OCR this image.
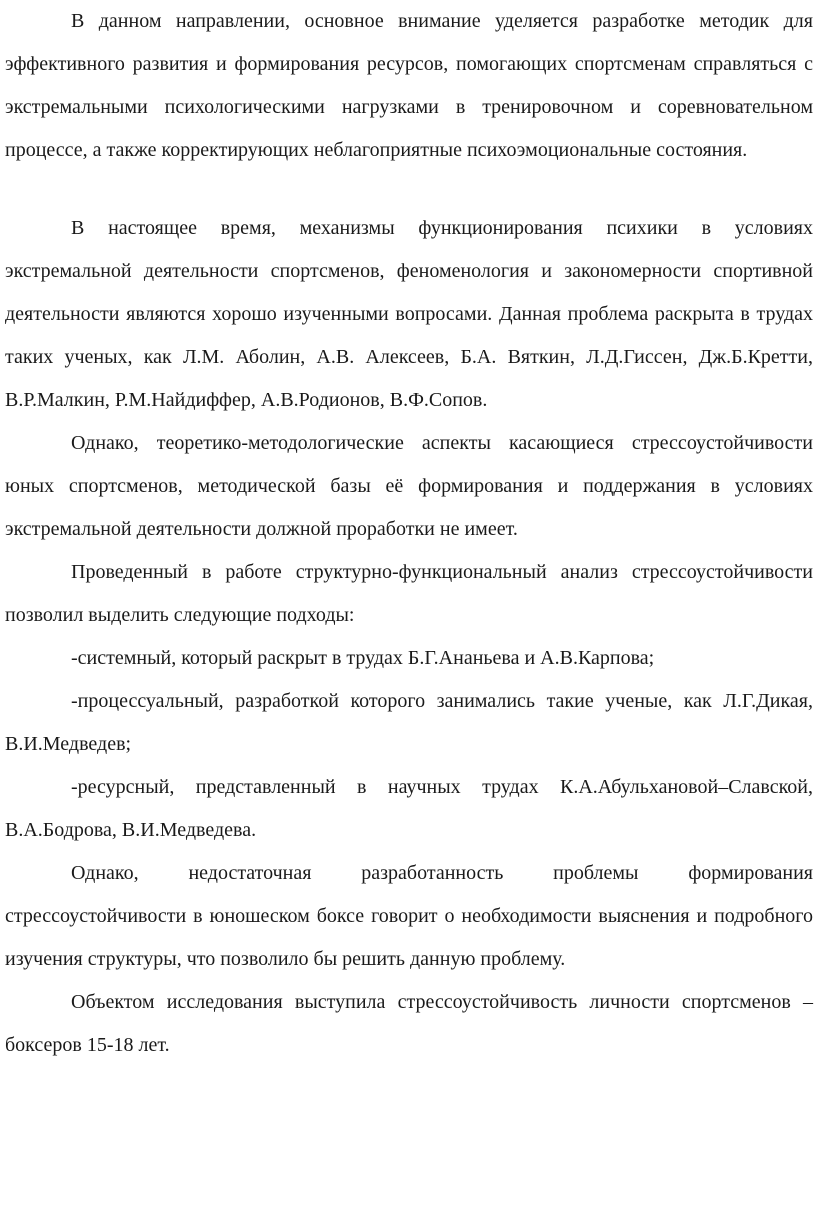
В данном направлении, основное внимание уделяется разработке методик для эффективного развития и формирования ресурсов, помогающих спортсменам справляться с экстремальными психологическими нагрузками в тренировочном и соревновательном процессе, а также корректирующих неблагоприятные психоэмоциональные состояния.

В настоящее время, механизмы функционирования психики в условиях экстремальной деятельности спортсменов, феноменология и закономерности спортивной деятельности являются хорошо изученными вопросами. Данная проблема раскрыта в трудах таких ученых, как Л.М. Аболин, А.В. Алексеев, Б.А. Вяткин, Л.Д.Гиссен, Дж.Б.Кретти, В.Р.Малкин, Р.М.Найдиффер, А.В.Родионов, В.Ф.Сопов.

Однако, теоретико-методологические аспекты касающиеся стрессоустойчивости юных спортсменов, методической базы её формирования и поддержания в условиях экстремальной деятельности должной проработки не имеет.

Проведенный в работе структурно-функциональный анализ стрессоустойчивости позволил выделить следующие подходы:

-системный, который раскрыт в трудах Б.Г.Ананьева и А.В.Карпова;

-процессуальный, разработкой которого занимались такие ученые, как Л.Г.Дикая, В.И.Медведев;

-ресурсный, представленный в научных трудах К.А.Абульхановой–Славской, В.А.Бодрова, В.И.Медведева.

Однако, недостаточная разработанность проблемы формирования стрессоустойчивости в юношеском боксе говорит о необходимости выяснения и подробного изучения структуры, что позволило бы решить данную проблему.

Объектом исследования выступила стрессоустойчивость личности спортсменов – боксеров 15-18 лет.
